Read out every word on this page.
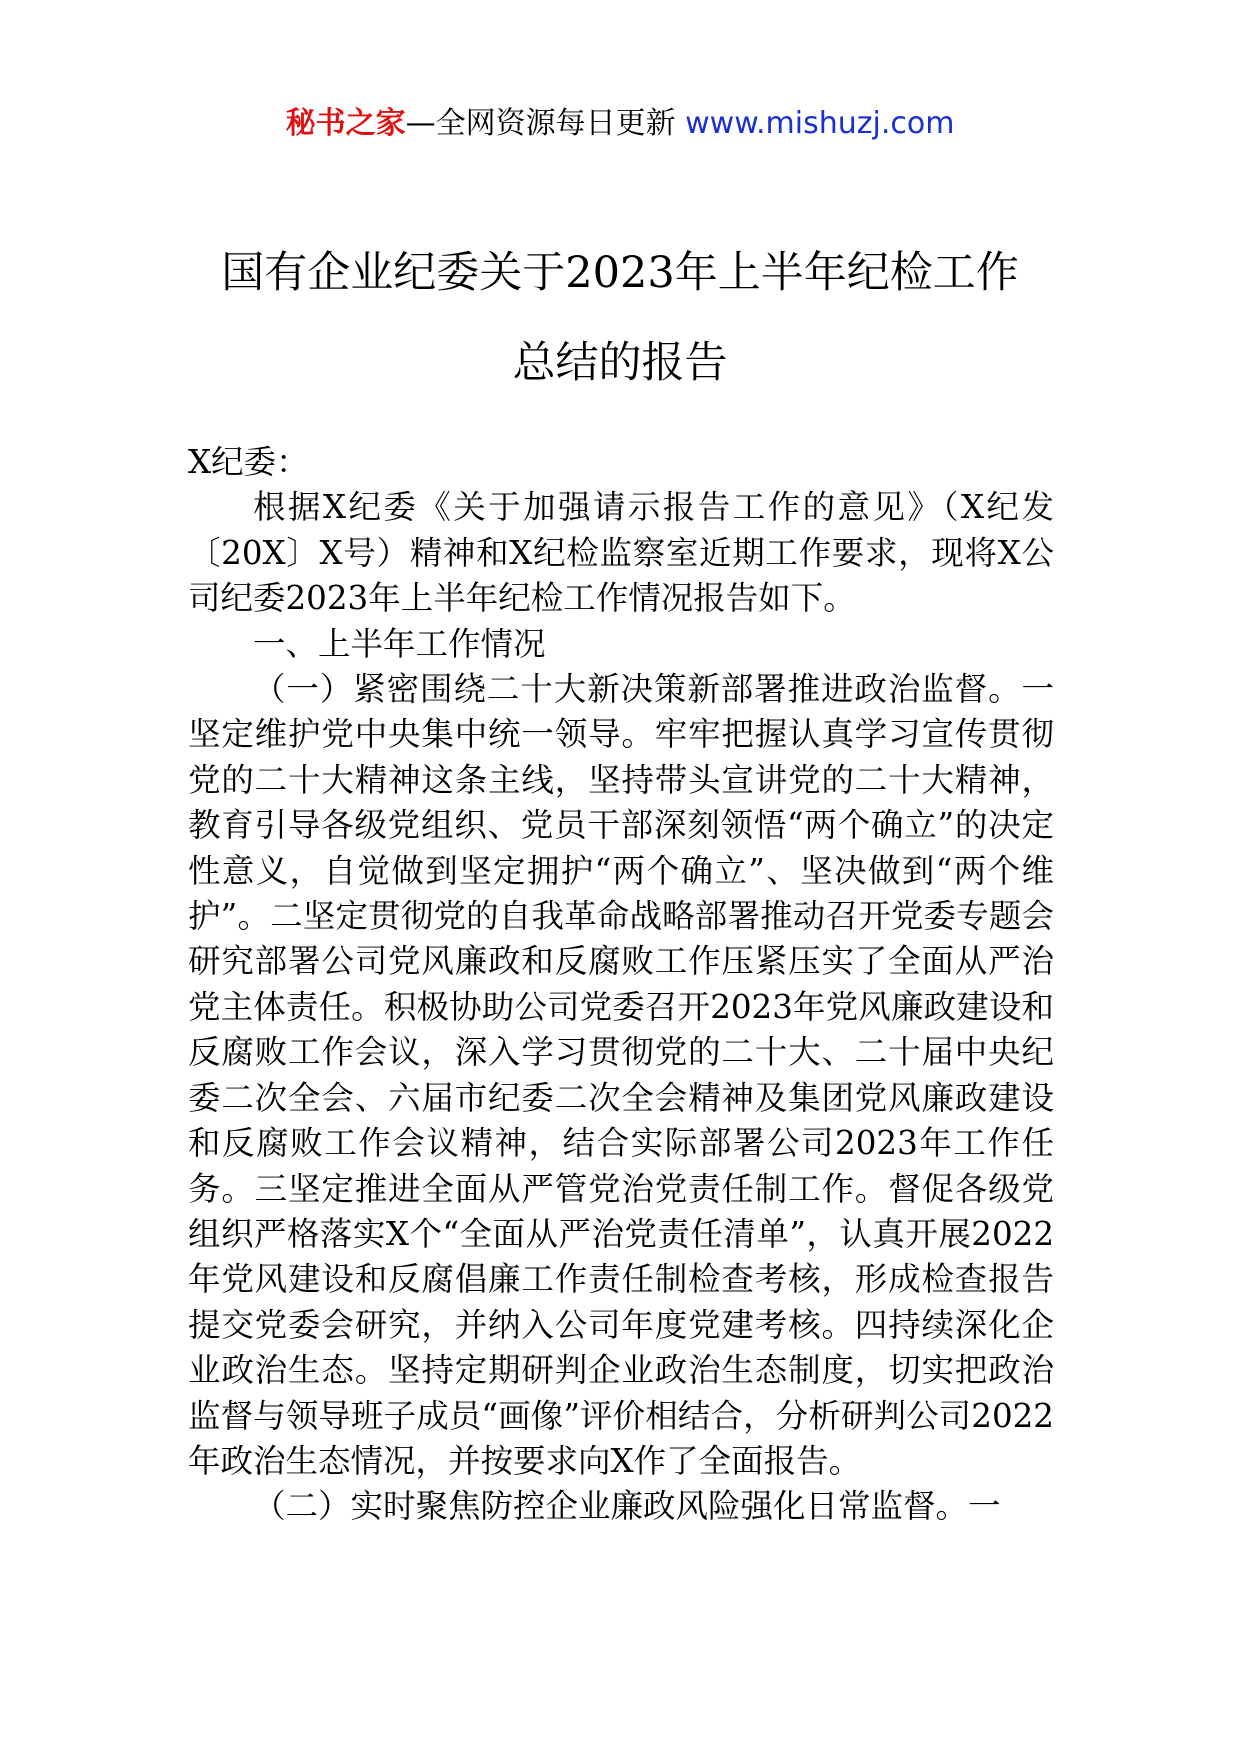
秘书之家—全网资源每日更新 www.mishuzj.com
国有企业纪委关于2023年上半年纪检工作
总结的报告

X纪委：

根据X纪委《关于加强请示报告工作的意见》（X纪发〔20X〕X号）精神和X纪检监察室近期工作要求，现将X公司纪委2023年上半年纪检工作情况报告如下。

一、上半年工作情况

（一）紧密围绕二十大新决策新部署推进政治监督。一坚定维护党中央集中统一领导。牢牢把握认真学习宣传贯彻党的二十大精神这条主线，坚持带头宣讲党的二十大精神，教育引导各级党组织、党员干部深刻领悟“两个确立”的决定性意义，自觉做到坚定拥护“两个确立”、坚决做到“两个维护”。二坚定贯彻党的自我革命战略部署推动召开党委专题会研究部署公司党风廉政和反腐败工作压紧压实了全面从严治党主体责任。积极协助公司党委召开2023年党风廉政建设和反腐败工作会议，深入学习贯彻党的二十大、二十届中央纪委二次全会、六届市纪委二次全会精神及集团党风廉政建设和反腐败工作会议精神，结合实际部署公司2023年工作任务。三坚定推进全面从严管党治党责任制工作。督促各级党组织严格落实X个“全面从严治党责任清单”，认真开展2022年党风建设和反腐倡廉工作责任制检查考核，形成检查报告提交党委会研究，并纳入公司年度党建考核。四持续深化企业政治生态。坚持定期研判企业政治生态制度，切实把政治监督与领导班子成员“画像”评价相结合，分析研判公司2022年政治生态情况，并按要求向X作了全面报告。

（二）实时聚焦防控企业廉政风险强化日常监督。一
